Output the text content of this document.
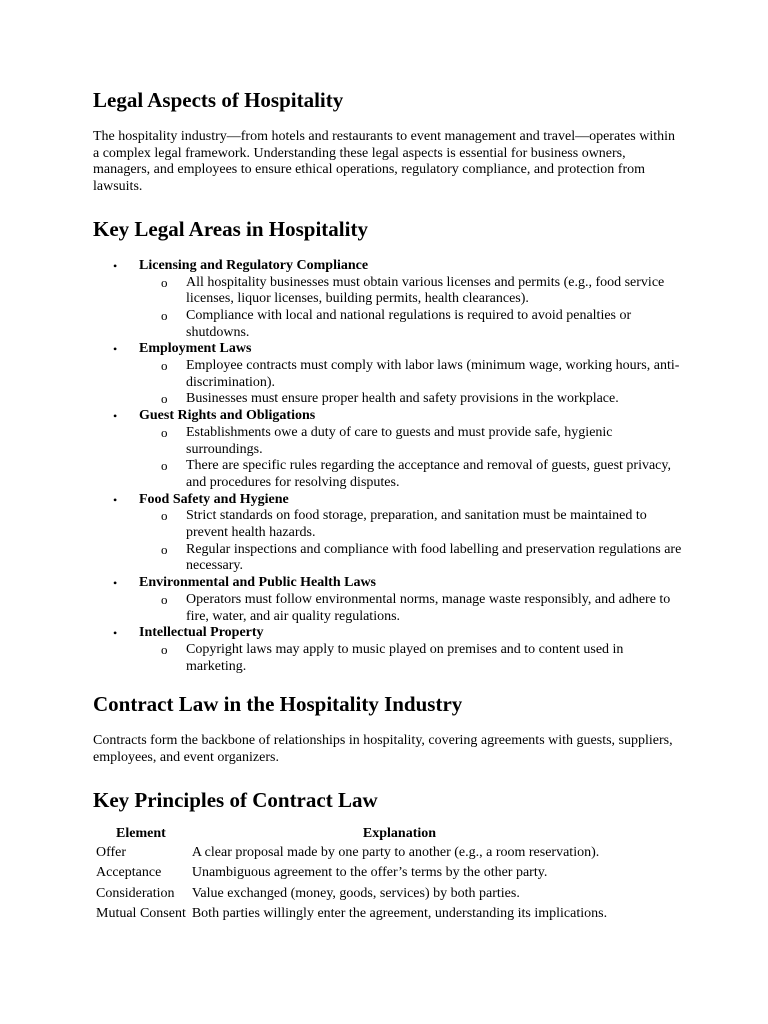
Legal Aspects of Hospitality

The hospitality industry—from hotels and restaurants to event management and travel—operates within a complex legal framework. Understanding these legal aspects is essential for business owners, managers, and employees to ensure ethical operations, regulatory compliance, and protection from lawsuits.

Key Legal Areas in Hospitality
• Licensing and Regulatory Compliance
o All hospitality businesses must obtain various licenses and permits (e.g., food service licenses, liquor licenses, building permits, health clearances).
o Compliance with local and national regulations is required to avoid penalties or shutdowns.
• Employment Laws
o Employee contracts must comply with labor laws (minimum wage, working hours, anti-discrimination).
o Businesses must ensure proper health and safety provisions in the workplace.
• Guest Rights and Obligations
o Establishments owe a duty of care to guests and must provide safe, hygienic surroundings.
o There are specific rules regarding the acceptance and removal of guests, guest privacy, and procedures for resolving disputes.
• Food Safety and Hygiene
o Strict standards on food storage, preparation, and sanitation must be maintained to prevent health hazards.
o Regular inspections and compliance with food labelling and preservation regulations are necessary.
• Environmental and Public Health Laws
o Operators must follow environmental norms, manage waste responsibly, and adhere to fire, water, and air quality regulations.
• Intellectual Property
o Copyright laws may apply to music played on premises and to content used in marketing.
Contract Law in the Hospitality Industry

Contracts form the backbone of relationships in hospitality, covering agreements with guests, suppliers, employees, and event organizers.

Key Principles of Contract Law
Element	Explanation
Offer	A clear proposal made by one party to another (e.g., a room reservation).
Acceptance	Unambiguous agreement to the offer’s terms by the other party.
Consideration	Value exchanged (money, goods, services) by both parties.
Mutual Consent	Both parties willingly enter the agreement, understanding its implications.
